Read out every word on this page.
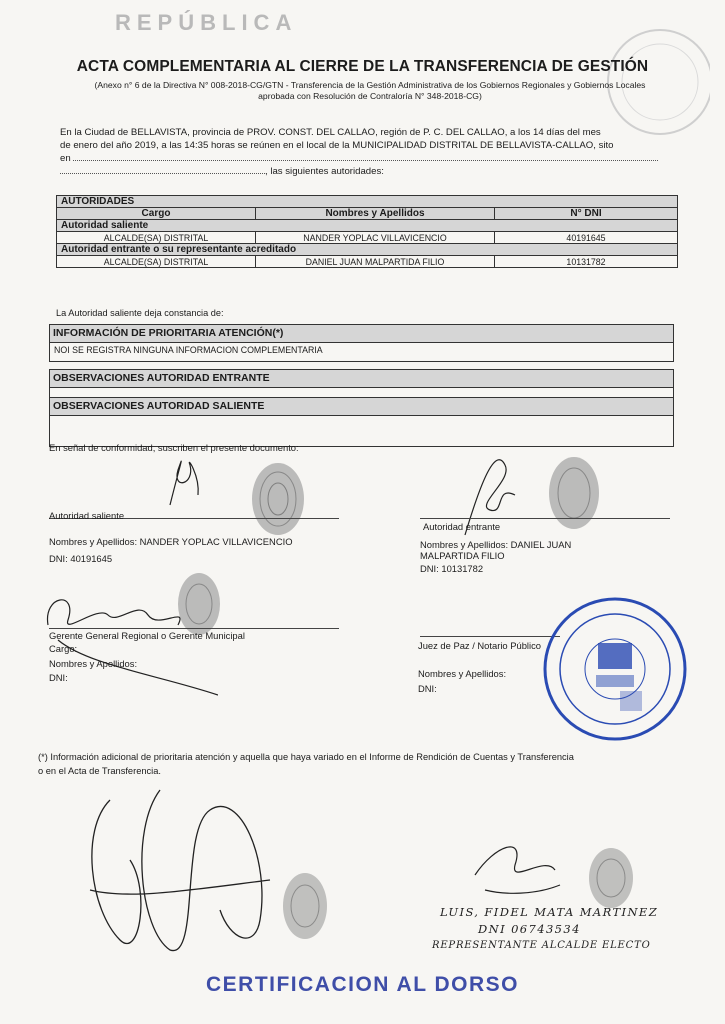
REPÚBLICA
ACTA COMPLEMENTARIA AL CIERRE DE LA TRANSFERENCIA DE GESTIÓN
(Anexo n° 6 de la Directiva N° 008-2018-CG/GTN - Transferencia de la Gestión Administrativa de los Gobiernos Regionales y Gobiernos Locales
aprobada con Resolución de Contraloría N° 348-2018-CG)
En la Ciudad de BELLAVISTA, provincia de PROV. CONST. DEL CALLAO, región de P. C. DEL CALLAO, a los 14 días del mes
de enero del año 2019, a las 14:35 horas se reúnen en el local de la MUNICIPALIDAD DISTRITAL DE BELLAVISTA-CALLAO, sito
en
, las siguientes autoridades:
AUTORIDADES		
Cargo	Nombres y Apellidos	N° DNI
Autoridad saliente		
ALCALDE(SA) DISTRITAL	NANDER YOPLAC VILLAVICENCIO	40191645
Autoridad entrante o su representante acreditado		
ALCALDE(SA) DISTRITAL	DANIEL JUAN MALPARTIDA FILIO	10131782
La Autoridad saliente deja constancia de:
INFORMACIÓN DE PRIORITARIA ATENCIÓN(*)
NOI SE REGISTRA NINGUNA INFORMACION COMPLEMENTARIA
OBSERVACIONES AUTORIDAD ENTRANTE
OBSERVACIONES AUTORIDAD SALIENTE
En señal de conformidad, suscriben el presente documento:
Autoridad saliente
Nombres y Apellidos: NANDER YOPLAC VILLAVICENCIO
DNI: 40191645
Autoridad entrante
Nombres y Apellidos: DANIEL JUAN
MALPARTIDA FILIO
DNI: 10131782
Gerente General Regional o Gerente Municipal
Cargo:
Nombres y Apellidos:
DNI:
Juez de Paz / Notario Público
Nombres y Apellidos:
DNI:
(*) Información adicional de prioritaria atención y aquella que haya variado en el Informe de Rendición de Cuentas y Transferencia
o en el Acta de Transferencia.
LUIS, FIDEL MATA MARTINEZ
DNI 06743534
REPRESENTANTE ALCALDE ELECTO
CERTIFICACION AL DORSO
